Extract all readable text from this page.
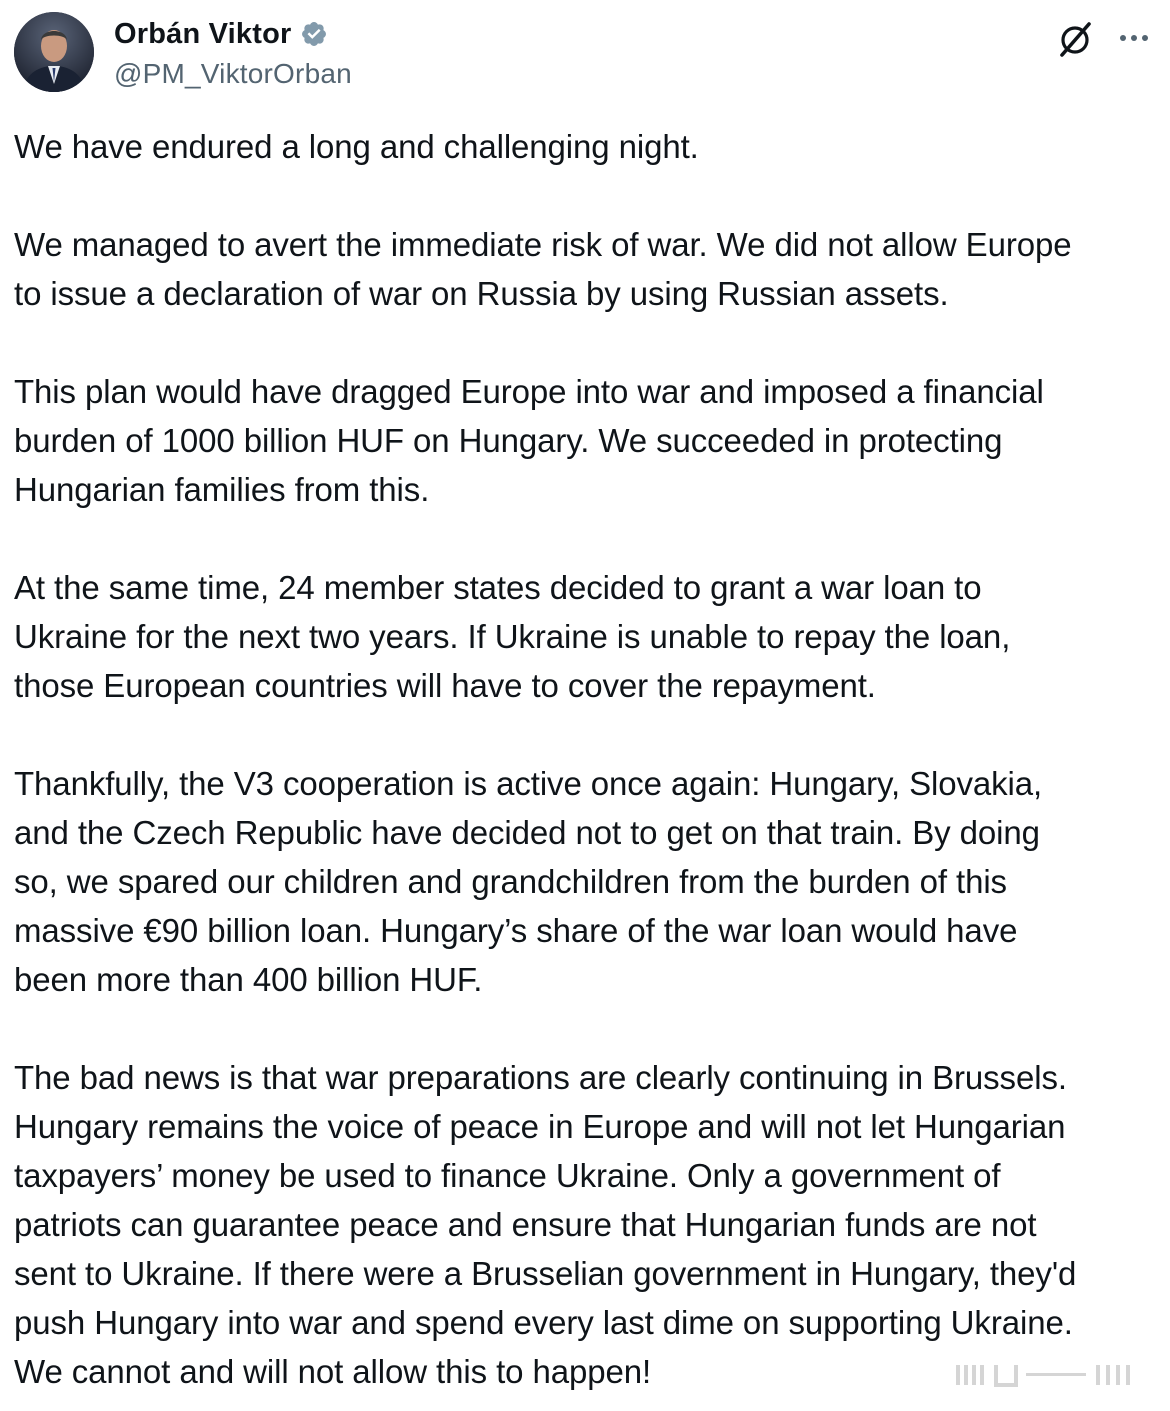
Orbán Viktor
@PM_ViktorOrban

We have endured a long and challenging night.

We managed to avert the immediate risk of war. We did not allow Europe
to issue a declaration of war on Russia by using Russian assets.

This plan would have dragged Europe into war and imposed a financial
burden of 1000 billion HUF on Hungary. We succeeded in protecting
Hungarian families from this.

At the same time, 24 member states decided to grant a war loan to
Ukraine for the next two years. If Ukraine is unable to repay the loan,
those European countries will have to cover the repayment.

Thankfully, the V3 cooperation is active once again: Hungary, Slovakia,
and the Czech Republic have decided not to get on that train. By doing
so, we spared our children and grandchildren from the burden of this
massive €90 billion loan. Hungary’s share of the war loan would have
been more than 400 billion HUF.

The bad news is that war preparations are clearly continuing in Brussels.
Hungary remains the voice of peace in Europe and will not let Hungarian
taxpayers’ money be used to finance Ukraine. Only a government of
patriots can guarantee peace and ensure that Hungarian funds are not
sent to Ukraine. If there were a Brusselian government in Hungary, they'd
push Hungary into war and spend every last dime on supporting Ukraine.
We cannot and will not allow this to happen!
